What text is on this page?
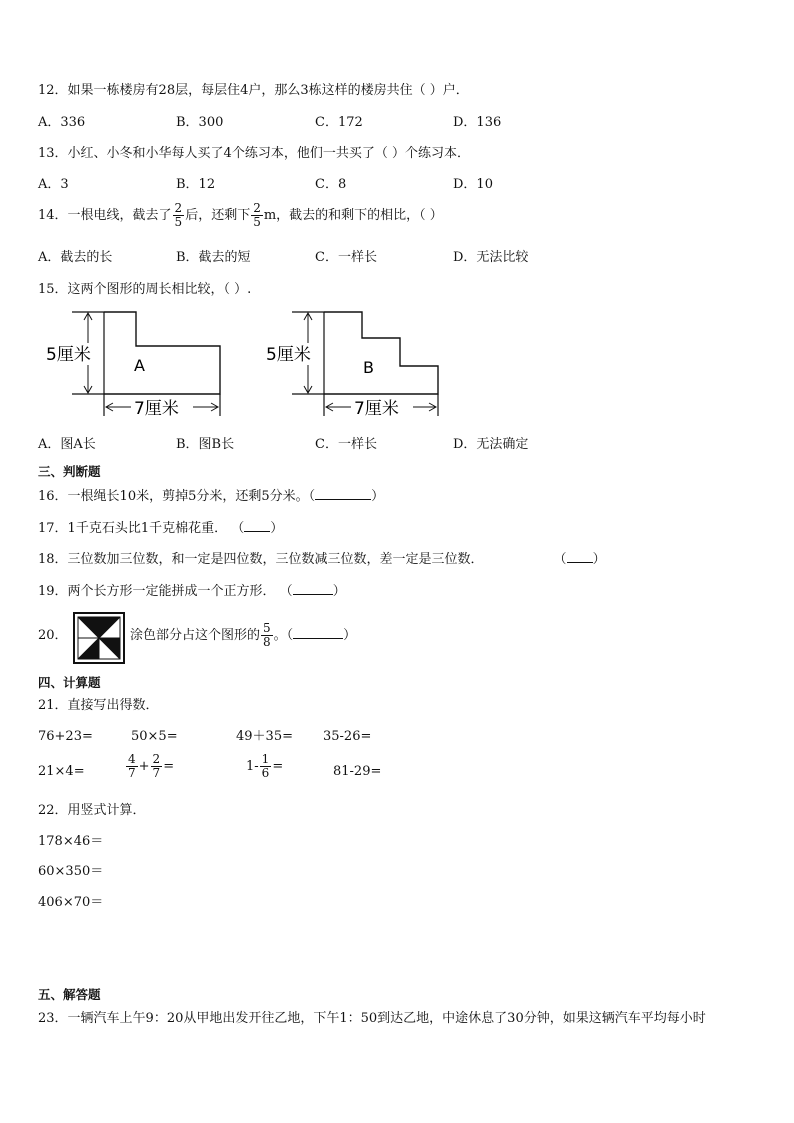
12．如果一栋楼房有28层，每层住4户，那么3栋这样的楼房共住（ ）户．
A．336	B．300	C．172	D．136
13．小红、小冬和小华每人买了4个练习本，他们一共买了（ ）个练习本．
A．3	B．12	C．8	D．10
14．一根电线，截去了 $\frac{2}{5}$ 后，还剩下 $\frac{2}{5}$ m，截去的和剩下的相比，（ ）
A．截去的长	B．截去的短	C．一样长	D．无法比较
15．这两个图形的周长相比较，（ ）.
5厘米
7厘米
A
5厘米
7厘米
B
A．图A长	B．图B长	C．一样长	D．无法确定
三、判断题
16．一根绳长10米，剪掉5分米，还剩5分米。（	）
17．1千克石头比1千克棉花重． （ ）
18．三位数加三位数，和一定是四位数，三位数减三位数，差一定是三位数．	（ ）
19．两个长方形一定能拼成一个正方形． （	）
20．	涂色部分占这个图形的 $\frac{5}{8}$ 。（	）
四、计算题
21．直接写出得数．
76+23=	50×5=	49＋35= 35-26=
21×4=	$\frac{4}{7} + \frac{2}{7}$ =	$1- \frac{1}{6}$ =	81-29=
22．用竖式计算．
178×46＝
60×350＝
406×70＝
五、解答题
23．一辆汽车上午9：20从甲地出发开往乙地，下午1：50到达乙地，中途休息了30分钟，如果这辆汽车平均每小时
